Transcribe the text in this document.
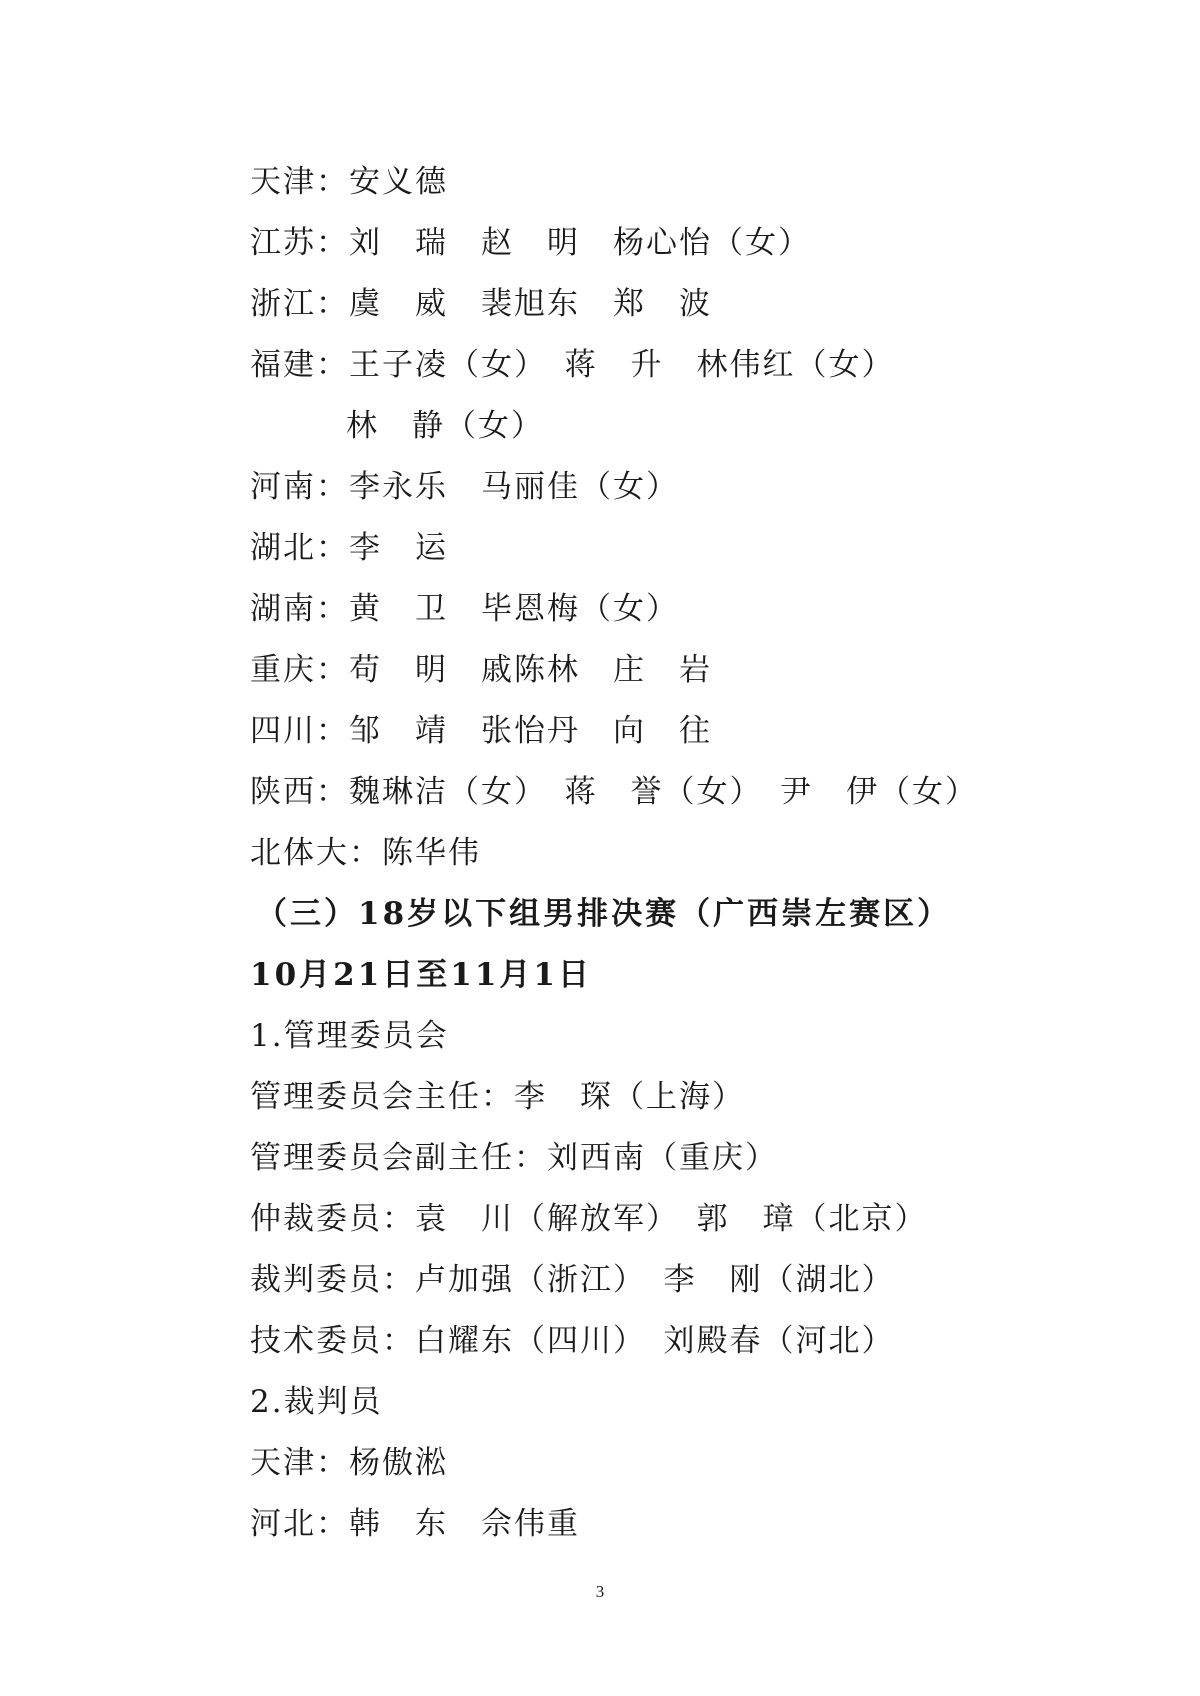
天津：安义德
江苏：刘　瑞　赵　明　杨心怡（女）
浙江：虞　威　裴旭东　郑　波
福建：王子凌（女）　蒋　升　林伟红（女）
林　静（女）
河南：李永乐　马丽佳（女）
湖北：李　运
湖南：黄　卫　毕恩梅（女）
重庆：苟　明　戚陈林　庄　岩
四川：邹　靖　张怡丹　向　往
陕西：魏琳洁（女）　蒋　誉（女）　尹　伊（女）
北体大：陈华伟
（三）18岁以下组男排决赛（广西崇左赛区）
10月21日至11月1日
1.管理委员会
管理委员会主任：李　琛（上海）
管理委员会副主任：刘西南（重庆）
仲裁委员：袁　川（解放军）　郭　璋（北京）
裁判委员：卢加强（浙江）　李　刚（湖北）
技术委员：白耀东（四川）　刘殿春（河北）
2.裁判员
天津：杨傲淞
河北：韩　东　佘伟重
3
